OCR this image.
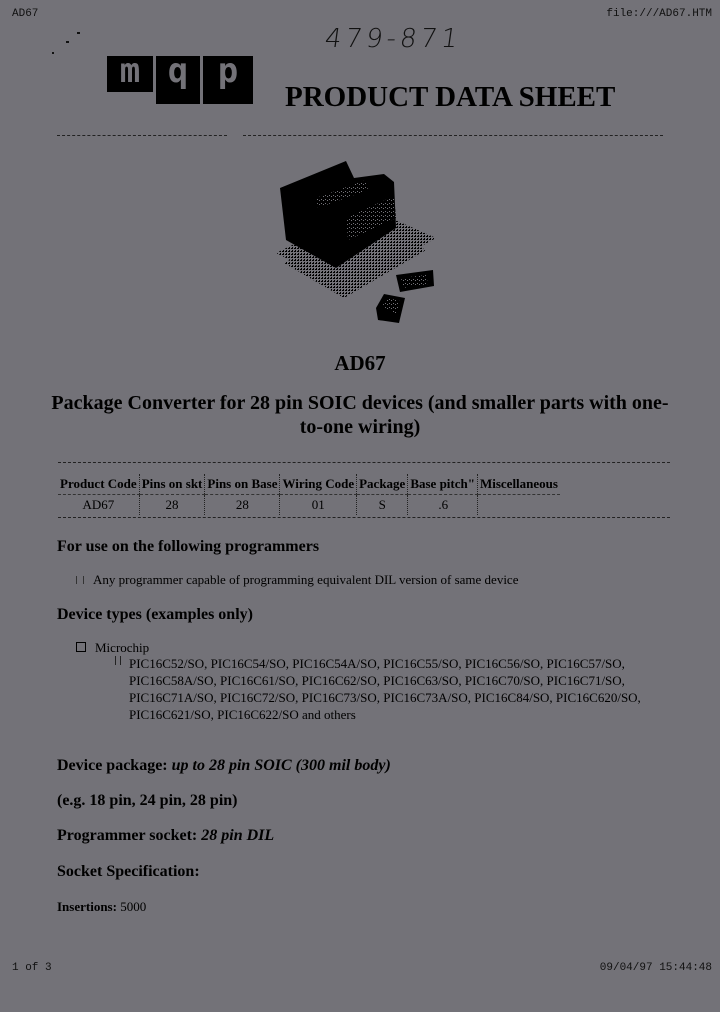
AD67	file:///AD67.HTM
479-871
m q p
PRODUCT DATA SHEET
AD67
Package Converter for 28 pin SOIC devices (and smaller parts with one-to-one wiring)
Product Code	Pins on skt	Pins on Base	Wiring Code	Package	Base pitch"	Miscellaneous
AD67	28	28	01	S	.6	
For use on the following programmers
Any programmer capable of programming equivalent DIL version of same device
Device types (examples only)
Microchip
PIC16C52/SO, PIC16C54/SO, PIC16C54A/SO, PIC16C55/SO, PIC16C56/SO, PIC16C57/SO, PIC16C58A/SO, PIC16C61/SO, PIC16C62/SO, PIC16C63/SO, PIC16C70/SO, PIC16C71/SO, PIC16C71A/SO, PIC16C72/SO, PIC16C73/SO, PIC16C73A/SO, PIC16C84/SO, PIC16C620/SO, PIC16C621/SO, PIC16C622/SO and others
Device package: up to 28 pin SOIC (300 mil body)
(e.g. 18 pin, 24 pin, 28 pin)
Programmer socket: 28 pin DIL
Socket Specification:
Insertions: 5000
1 of 3	09/04/97 15:44:48
